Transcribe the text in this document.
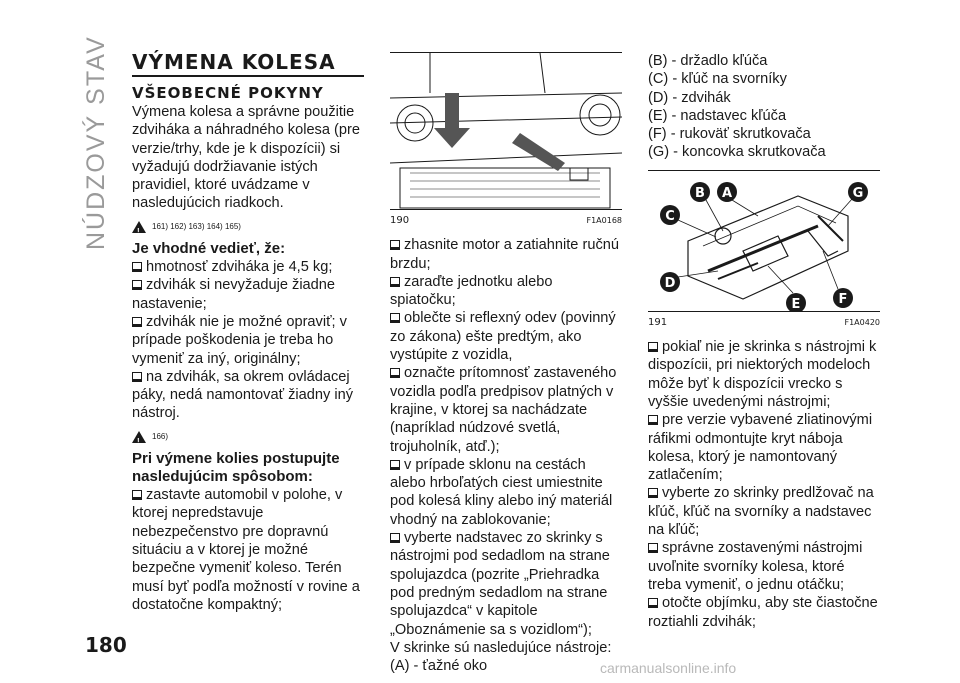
NÚDZOVÝ STAV VÝMENA KOLESA
VŠEOBECNÉ POKYNY

Výmena kolesa a správne použitie zdviháka a náhradného kolesa (pre verzie/trhy, kde je k dispozícii) si vyžadujú dodržiavanie istých pravidiel, ktoré uvádzame v nasledujúcich riadkoch.

!
161) 162) 163) 164) 165)
Je vhodné vedieť, že:
hmotnosť zdviháka je 4,5 kg;
zdvihák si nevyžaduje žiadne nastavenie;
zdvihák nie je možné opraviť; v prípade poškodenia je treba ho vymeniť za iný, originálny;
na zdvihák, sa okrem ovládacej páky, nedá namontovať žiadny iný nástroj.
!
166)
Pri výmene kolies postupujte nasledujúcim spôsobom:
zastavte automobil v polohe, v ktorej nepredstavuje nebezpečenstvo pre dopravnú situáciu a v ktorej je možné bezpečne vymeniť koleso. Terén musí byť podľa možností v rovine a dostatočne kompaktný;
190	F1A0168
zhasnite motor a zatiahnite ručnú brzdu;
zaraďte jednotku alebo spiatočku;
oblečte si reflexný odev (povinný zo zákona) ešte predtým, ako vystúpite z vozidla,
označte prítomnosť zastaveného vozidla podľa predpisov platných v krajine, v ktorej sa nachádzate (napríklad núdzové svetlá, trojuholník, atď.);
v prípade sklonu na cestách alebo hrboľatých ciest umiestnite pod kolesá kliny alebo iný materiál vhodný na zablokovanie;
vyberte nadstavec zo skrinky s nástrojmi pod sedadlom na strane spolujazdca (pozrite „Priehradka pod predným sedadlom na strane spolujazdca“ v kapitole „Oboznámenie sa s vozidlom“);

V skrinke sú nasledujúce nástroje:

(A) - ťažné oko

(B) - držadlo kľúča

(C) - kľúč na svorníky

(D) - zdvihák

(E) - nadstavec kľúča

(F) - rukoväť skrutkovača

(G) - koncovka skrutkovača

B A	G
C
D
E	F
191	F1A0420
pokiaľ nie je skrinka s nástrojmi k dispozícii, pri niektorých modeloch môže byť k dispozícii vrecko s vyššie uvedenými nástrojmi;
pre verzie vybavené zliatinovými ráfikmi odmontujte kryt náboja kolesa, ktorý je namontovaný zatlačením;
vyberte zo skrinky predlžovač na kľúč, kľúč na svorníky a nadstavec na kľúč;
správne zostavenými nástrojmi uvoľnite svorníky kolesa, ktoré treba vymeniť, o jednu otáčku;
otočte objímku, aby ste čiastočne roztiahli zdvihák;
180
carmanualsonline.info
